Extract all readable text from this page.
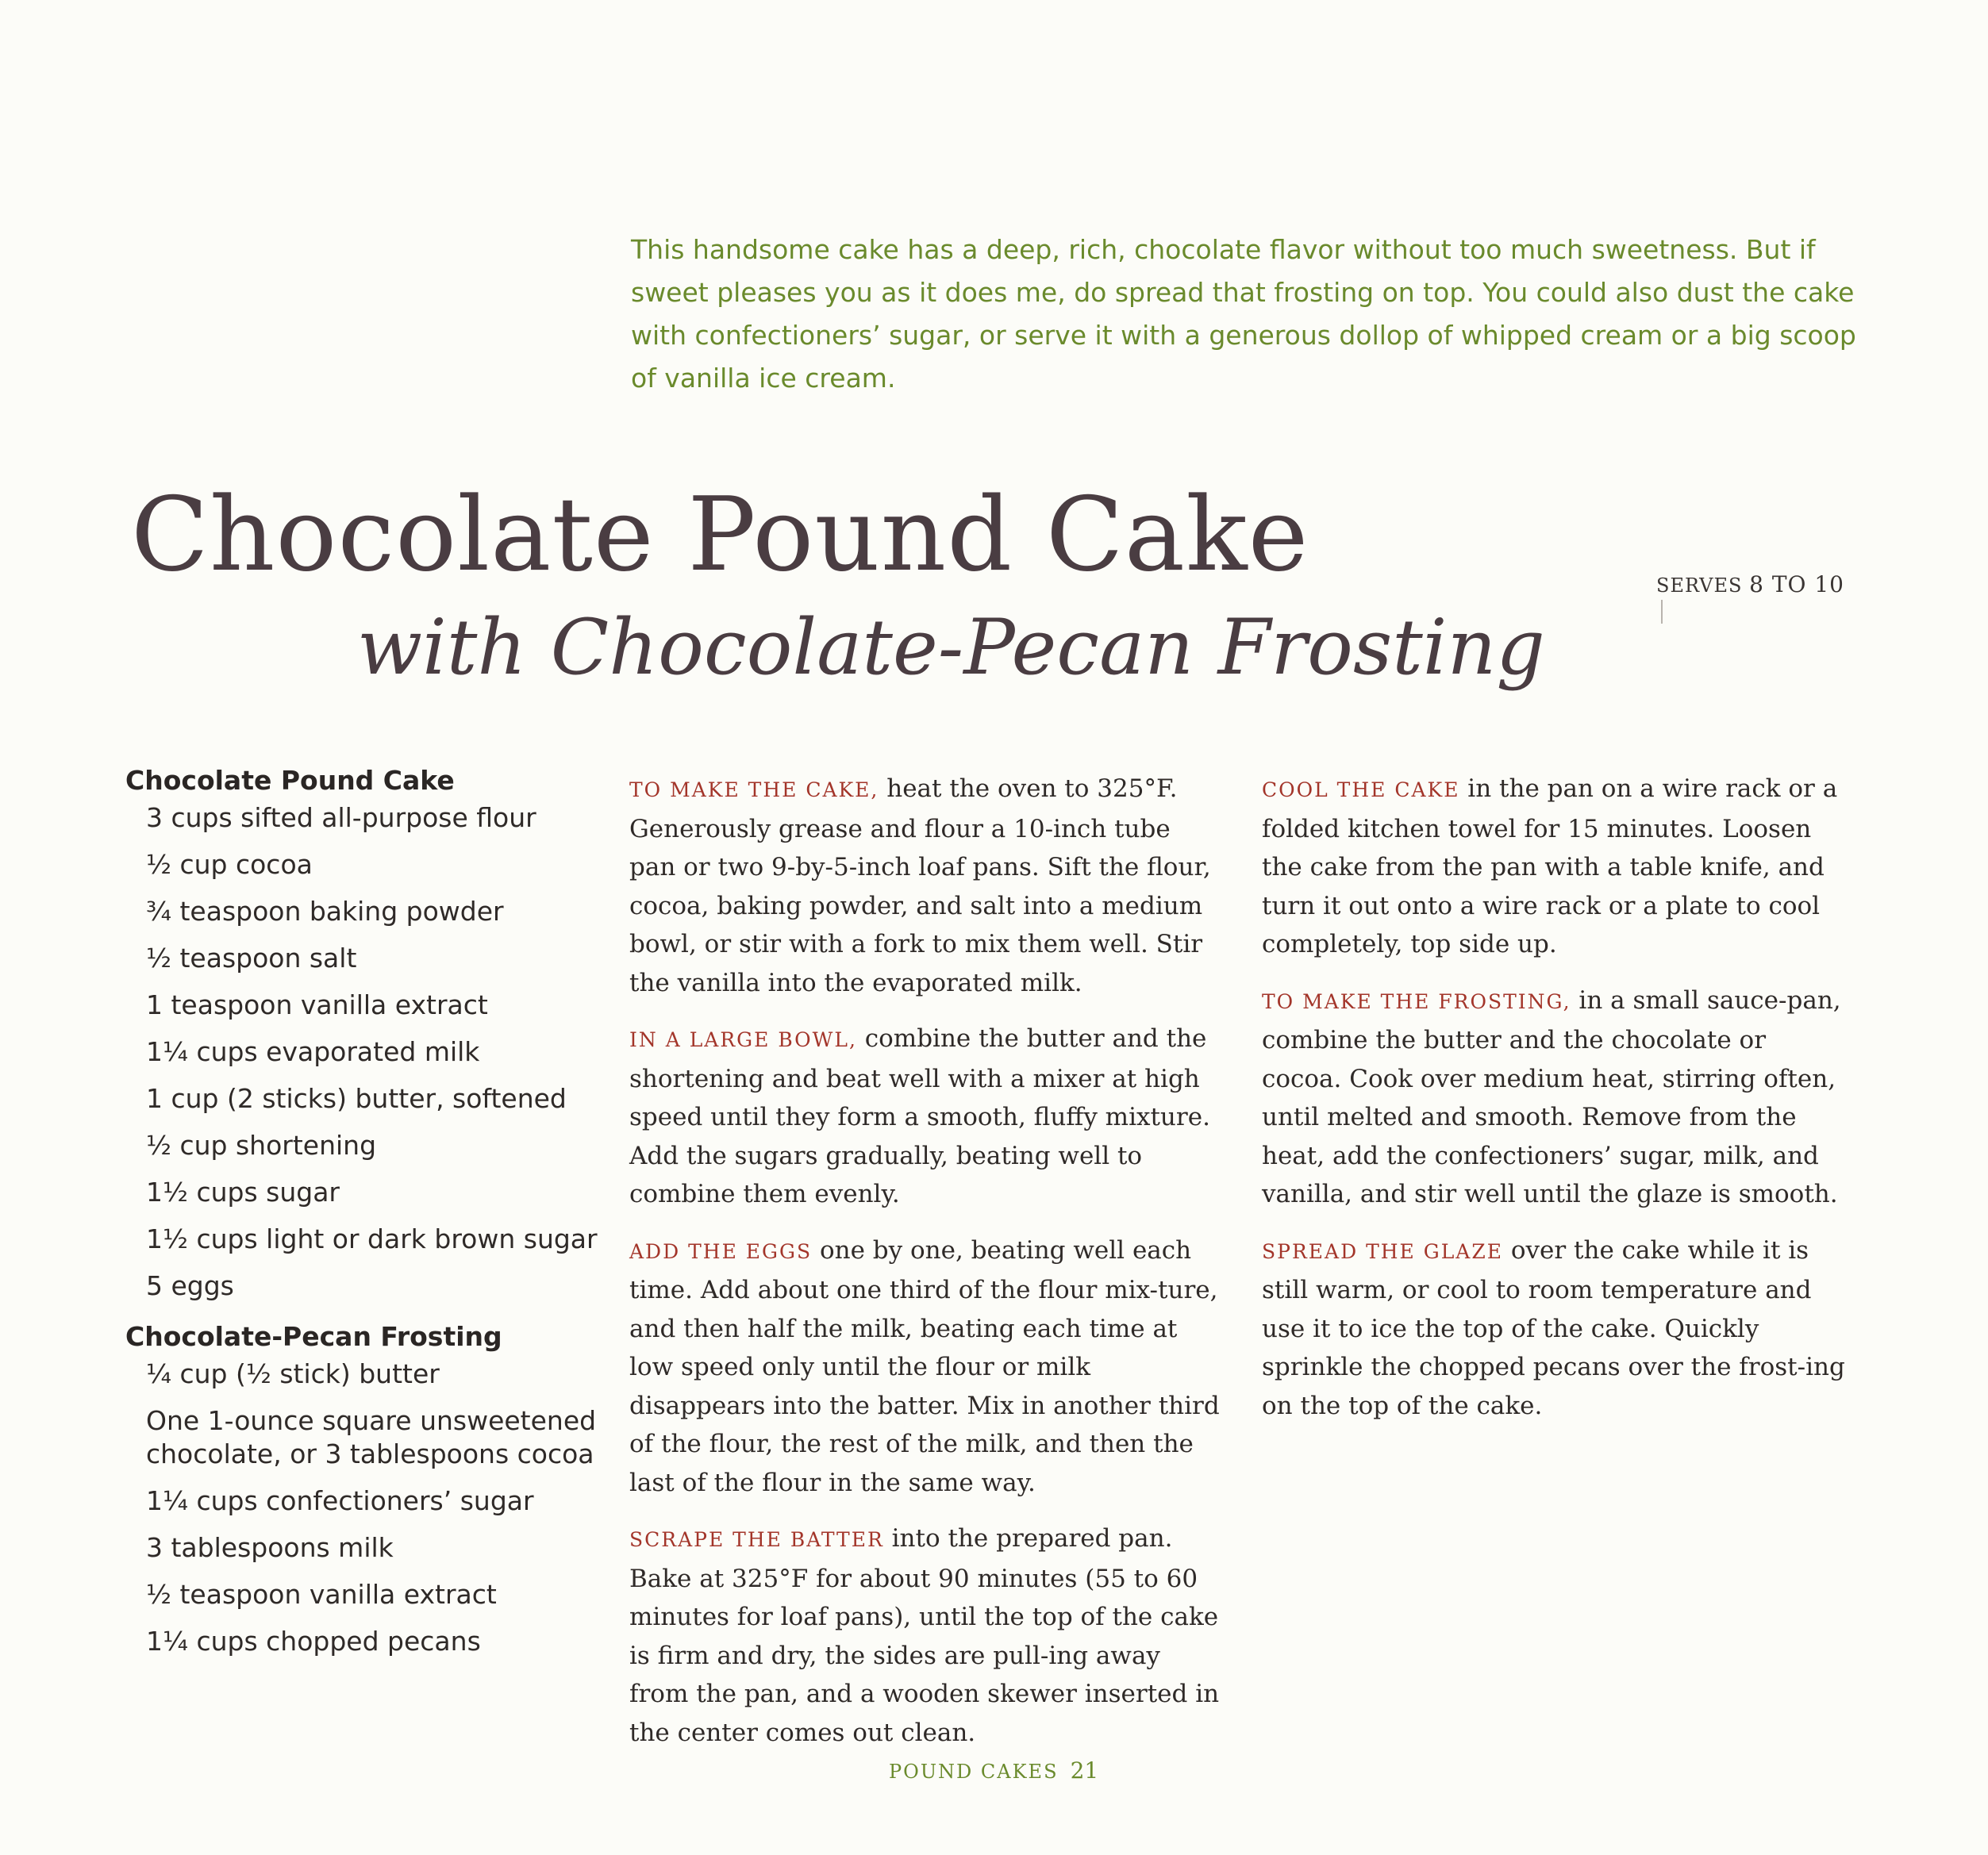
This handsome cake has a deep, rich, chocolate flavor without too much sweetness. But if sweet pleases you as it does me, do spread that frosting on top. You could also dust the cake with confectioners’ sugar, or serve it with a generous dollop of whipped cream or a big scoop of vanilla ice cream.
Chocolate Pound Cake
with Chocolate-Pecan Frosting
SERVES 8 TO 10
Chocolate Pound Cake
3 cups sifted all-purpose flour
½ cup cocoa
¾ teaspoon baking powder
½ teaspoon salt
1 teaspoon vanilla extract
1¼ cups evaporated milk
1 cup (2 sticks) butter, softened
½ cup shortening
1½ cups sugar
1½ cups light or dark brown sugar
5 eggs
Chocolate-Pecan Frosting
¼ cup (½ stick) butter
One 1-ounce square unsweetened chocolate, or 3 tablespoons cocoa
1¼ cups confectioners’ sugar
3 tablespoons milk
½ teaspoon vanilla extract
1¼ cups chopped pecans

TO MAKE THE CAKE, heat the oven to 325°F. Generously grease and flour a 10-inch tube pan or two 9-by-5-inch loaf pans. Sift the flour, cocoa, baking powder, and salt into a medium bowl, or stir with a fork to mix them well. Stir the vanilla into the evaporated milk.

IN A LARGE BOWL, combine the butter and the shortening and beat well with a mixer at high speed until they form a smooth, fluffy mixture. Add the sugars gradually, beating well to combine them evenly.

ADD THE EGGS one by one, beating well each time. Add about one third of the flour mix-ture, and then half the milk, beating each time at low speed only until the flour or milk disappears into the batter. Mix in another third of the flour, the rest of the milk, and then the last of the flour in the same way.

SCRAPE THE BATTER into the prepared pan. Bake at 325°F for about 90 minutes (55 to 60 minutes for loaf pans), until the top of the cake is firm and dry, the sides are pull-ing away from the pan, and a wooden skewer inserted in the center comes out clean.

COOL THE CAKE in the pan on a wire rack or a folded kitchen towel for 15 minutes. Loosen the cake from the pan with a table knife, and turn it out onto a wire rack or a plate to cool completely, top side up.

TO MAKE THE FROSTING, in a small sauce-pan, combine the butter and the chocolate or cocoa. Cook over medium heat, stirring often, until melted and smooth. Remove from the heat, add the confectioners’ sugar, milk, and vanilla, and stir well until the glaze is smooth.

SPREAD THE GLAZE over the cake while it is still warm, or cool to room temperature and use it to ice the top of the cake. Quickly sprinkle the chopped pecans over the frost-ing on the top of the cake.

POUND CAKES 21
